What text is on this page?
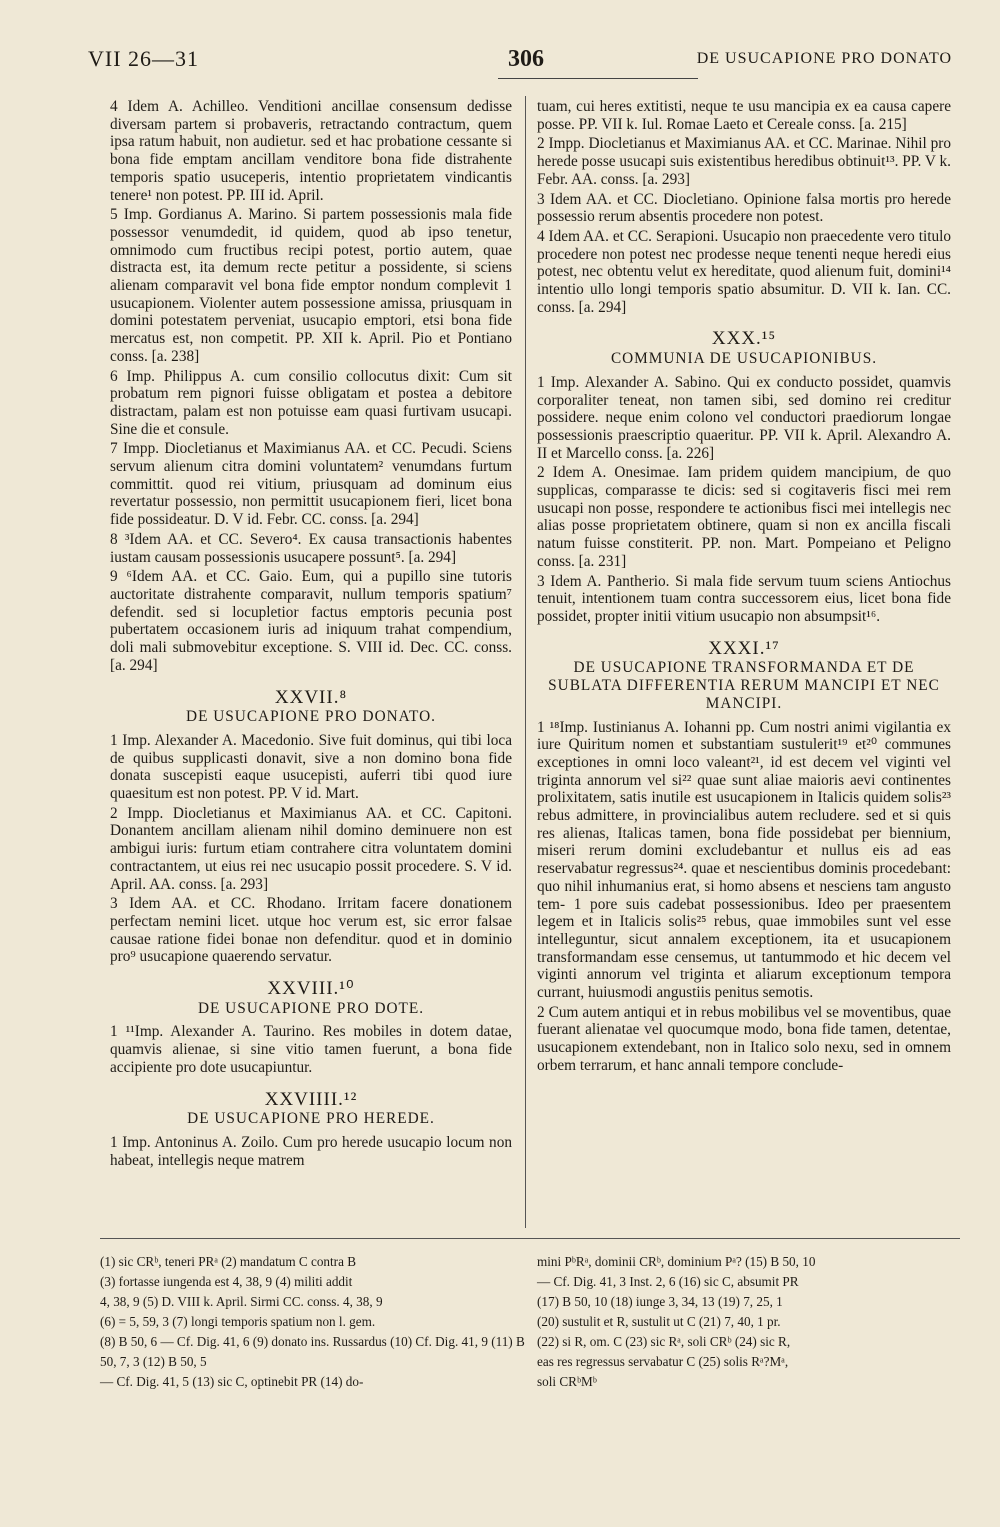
VII 26—31	306	DE USUCAPIONE PRO DONATO

4 Idem A. Achilleo. Venditioni ancillae consensum dedisse diversam partem si probaveris, retractando contractum, quem ipsa ratum habuit, non audietur. sed et hac probatione cessante si bona fide emptam ancillam venditore bona fide distrahente temporis spatio usuceperis, intentio proprietatem vindicantis tenere¹ non potest. PP. III id. April.

5 Imp. Gordianus A. Marino. Si partem possessionis mala fide possessor venumdedit, id quidem, quod ab ipso tenetur, omnimodo cum fructibus recipi potest, portio autem, quae distracta est, ita demum recte petitur a possidente, si sciens alienam comparavit vel bona fide emptor nondum complevit 1 usucapionem. Violenter autem possessione amissa, priusquam in domini potestatem perveniat, usucapio emptori, etsi bona fide mercatus est, non competit. PP. XII k. April. Pio et Pontiano conss. [a. 238]

6 Imp. Philippus A. cum consilio collocutus dixit: Cum sit probatum rem pignori fuisse obligatam et postea a debitore distractam, palam est non potuisse eam quasi furtivam usucapi. Sine die et consule.

7 Impp. Diocletianus et Maximianus AA. et CC. Pecudi. Sciens servum alienum citra domini voluntatem² venumdans furtum committit. quod rei vitium, priusquam ad dominum eius revertatur possessio, non permittit usucapionem fieri, licet bona fide possideatur. D. V id. Febr. CC. conss. [a. 294]

8 ³Idem AA. et CC. Severo⁴. Ex causa transactionis habentes iustam causam possessionis usucapere possunt⁵. [a. 294]

9 ⁶Idem AA. et CC. Gaio. Eum, qui a pupillo sine tutoris auctoritate distrahente comparavit, nullum temporis spatium⁷ defendit. sed si locupletior factus emptoris pecunia post pubertatem occasionem iuris ad iniquum trahat compendium, doli mali submovebitur exceptione. S. VIII id. Dec. CC. conss. [a. 294]

XXVII.⁸
DE USUCAPIONE PRO DONATO.

1 Imp. Alexander A. Macedonio. Sive fuit dominus, qui tibi loca de quibus supplicasti donavit, sive a non domino bona fide donata suscepisti eaque usucepisti, auferri tibi quod iure quaesitum est non potest. PP. V id. Mart.

2 Impp. Diocletianus et Maximianus AA. et CC. Capitoni. Donantem ancillam alienam nihil domino deminuere non est ambigui iuris: furtum etiam contrahere citra voluntatem domini contractantem, ut eius rei nec usucapio possit procedere. S. V id. April. AA. conss. [a. 293]

3 Idem AA. et CC. Rhodano. Irritam facere donationem perfectam nemini licet. utque hoc verum est, sic error falsae causae ratione fidei bonae non defenditur. quod et in dominio pro⁹ usucapione quaerendo servatur.

XXVIII.¹⁰
DE USUCAPIONE PRO DOTE.

1 ¹¹Imp. Alexander A. Taurino. Res mobiles in dotem datae, quamvis alienae, si sine vitio tamen fuerunt, a bona fide accipiente pro dote usucapiuntur.

XXVIIII.¹²
DE USUCAPIONE PRO HEREDE.

1 Imp. Antoninus A. Zoilo. Cum pro herede usucapio locum non habeat, intellegis neque matrem

tuam, cui heres extitisti, neque te usu mancipia ex ea causa capere posse. PP. VII k. Iul. Romae Laeto et Cereale conss. [a. 215]

2 Impp. Diocletianus et Maximianus AA. et CC. Marinae. Nihil pro herede posse usucapi suis existentibus heredibus obtinuit¹³. PP. V k. Febr. AA. conss. [a. 293]

3 Idem AA. et CC. Diocletiano. Opinione falsa mortis pro herede possessio rerum absentis procedere non potest.

4 Idem AA. et CC. Serapioni. Usucapio non praecedente vero titulo procedere non potest nec prodesse neque tenenti neque heredi eius potest, nec obtentu velut ex hereditate, quod alienum fuit, domini¹⁴ intentio ullo longi temporis spatio absumitur. D. VII k. Ian. CC. conss. [a. 294]

XXX.¹⁵
COMMUNIA DE USUCAPIONIBUS.

1 Imp. Alexander A. Sabino. Qui ex conducto possidet, quamvis corporaliter teneat, non tamen sibi, sed domino rei creditur possidere. neque enim colono vel conductori praediorum longae possessionis praescriptio quaeritur. PP. VII k. April. Alexandro A. II et Marcello conss. [a. 226]

2 Idem A. Onesimae. Iam pridem quidem mancipium, de quo supplicas, comparasse te dicis: sed si cogitaveris fisci mei rem usucapi non posse, respondere te actionibus fisci mei intellegis nec alias posse proprietatem obtinere, quam si non ex ancilla fiscali natum fuisse constiterit. PP. non. Mart. Pompeiano et Peligno conss. [a. 231]

3 Idem A. Pantherio. Si mala fide servum tuum sciens Antiochus tenuit, intentionem tuam contra successorem eius, licet bona fide possidet, propter initii vitium usucapio non absumpsit¹⁶.

XXXI.¹⁷
DE USUCAPIONE TRANSFORMANDA ET DE SUBLATA DIFFERENTIA RERUM MANCIPI ET NEC MANCIPI.

1 ¹⁸Imp. Iustinianus A. Iohanni pp. Cum nostri animi vigilantia ex iure Quiritum nomen et substantiam sustulerit¹⁹ et²⁰ communes exceptiones in omni loco valeant²¹, id est decem vel viginti vel triginta annorum vel si²² quae sunt aliae maioris aevi continentes prolixitatem, satis inutile est usucapionem in Italicis quidem solis²³ rebus admittere, in provincialibus autem recludere. sed et si quis res alienas, Italicas tamen, bona fide possidebat per biennium, miseri rerum domini excludebantur et nullus eis ad eas reservabatur regressus²⁴. quae et nescientibus dominis procedebant: quo nihil inhumanius erat, si homo absens et nesciens tam angusto tem- 1 pore suis cadebat possessionibus. Ideo per praesentem legem et in Italicis solis²⁵ rebus, quae immobiles sunt vel esse intelleguntur, sicut annalem exceptionem, ita et usucapionem transformandam esse censemus, ut tantummodo et hic decem vel viginti annorum vel triginta et aliarum exceptionum tempora currant, huiusmodi angustiis penitus semotis.

2 Cum autem antiqui et in rebus mobilibus vel se moventibus, quae fuerant alienatae vel quocumque modo, bona fide tamen, detentae, usucapionem extendebant, non in Italico solo nexu, sed in omnem orbem terrarum, et hanc annali tempore conclude-

(1) sic CRᵇ, teneri PRᵃ (2) mandatum C contra B

(3) fortasse iungenda est 4, 38, 9 (4) militi addit

4, 38, 9 (5) D. VIII k. April. Sirmi CC. conss. 4, 38, 9

(6) = 5, 59, 3 (7) longi temporis spatium non l. gem.

(8) B 50, 6 — Cf. Dig. 41, 6 (9) donato ins. Russardus (10) Cf. Dig. 41, 9 (11) B 50, 7, 3 (12) B 50, 5

— Cf. Dig. 41, 5 (13) sic C, optinebit PR (14) do-

mini PᵇRᵃ, dominii CRᵇ, dominium Pᵃ? (15) B 50, 10

— Cf. Dig. 41, 3 Inst. 2, 6 (16) sic C, absumit PR

(17) B 50, 10 (18) iunge 3, 34, 13 (19) 7, 25, 1

(20) sustulit et R, sustulit ut C (21) 7, 40, 1 pr.

(22) si R, om. C (23) sic Rᵃ, soli CRᵇ (24) sic R,

eas res regressus servabatur C (25) solis Rᵃ?Mᵃ,

soli CRᵇMᵇ
